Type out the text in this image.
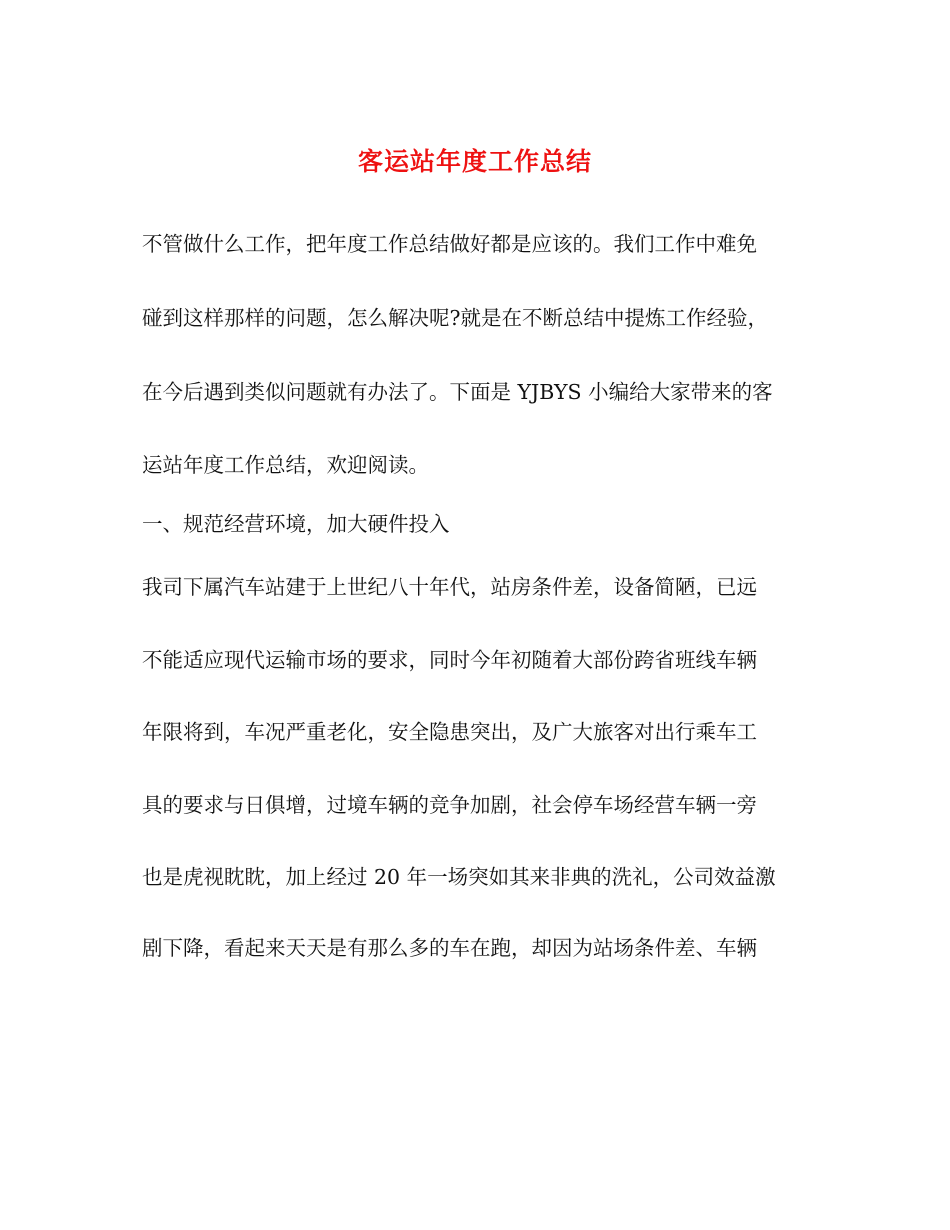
客运站年度工作总结
不管做什么工作，把年度工作总结做好都是应该的。我们工作中难免
碰到这样那样的问题，怎么解决呢?就是在不断总结中提炼工作经验，
在今后遇到类似问题就有办法了。下面是 YJBYS 小编给大家带来的客
运站年度工作总结，欢迎阅读。
一、规范经营环境，加大硬件投入
我司下属汽车站建于上世纪八十年代，站房条件差，设备简陋，已远
不能适应现代运输市场的要求，同时今年初随着大部份跨省班线车辆
年限将到，车况严重老化，安全隐患突出，及广大旅客对出行乘车工
具的要求与日俱增，过境车辆的竞争加剧，社会停车场经营车辆一旁
也是虎视眈眈，加上经过 20 年一场突如其来非典的洗礼，公司效益激
剧下降，看起来天天是有那么多的车在跑，却因为站场条件差、车辆
